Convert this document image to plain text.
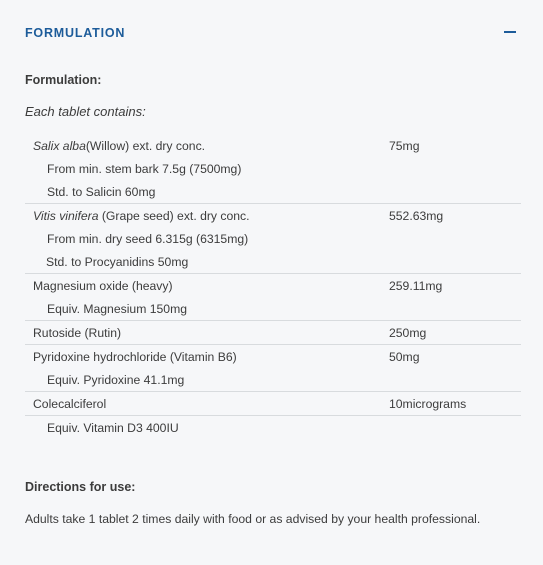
FORMULATION
Formulation:
Each tablet contains:
Salix alba(Willow) ext. dry conc.	75mg
From min. stem bark 7.5g (7500mg)	
Std. to Salicin 60mg	
Vitis vinifera (Grape seed) ext. dry conc.	552.63mg
From min. dry seed 6.315g (6315mg)	
Std. to Procyanidins 50mg	
Magnesium oxide (heavy)	259.11mg
Equiv. Magnesium 150mg	
Rutoside (Rutin)	250mg
Pyridoxine hydrochloride (Vitamin B6)	50mg
Equiv. Pyridoxine 41.1mg	
Colecalciferol	10micrograms
Equiv. Vitamin D3 400IU	
Directions for use:
Adults take 1 tablet 2 times daily with food or as advised by your health professional.
